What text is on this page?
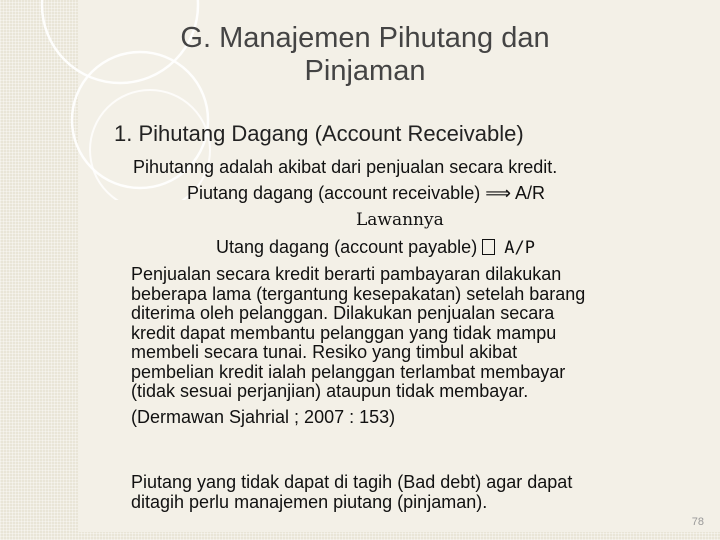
G. Manajemen Pihutang dan
Pinjaman
1. Pihutang Dagang (Account Receivable)
Pihutanng adalah akibat dari penjualan secara kredit.
Piutang dagang (account receivable) ⟹ A/R
Lawannya
Utang dagang (account payable) A/P
Penjualan secara kredit berarti pambayaran dilakukan
beberapa lama (tergantung kesepakatan) setelah barang
diterima oleh pelanggan. Dilakukan penjualan secara
kredit dapat membantu pelanggan yang tidak mampu
membeli secara tunai. Resiko yang timbul akibat
pembelian kredit ialah pelanggan terlambat membayar
(tidak sesuai perjanjian) ataupun tidak membayar.
(Dermawan Sjahrial ; 2007 : 153)
Piutang yang tidak dapat di tagih (Bad debt) agar dapat
ditagih perlu manajemen piutang (pinjaman).
78
